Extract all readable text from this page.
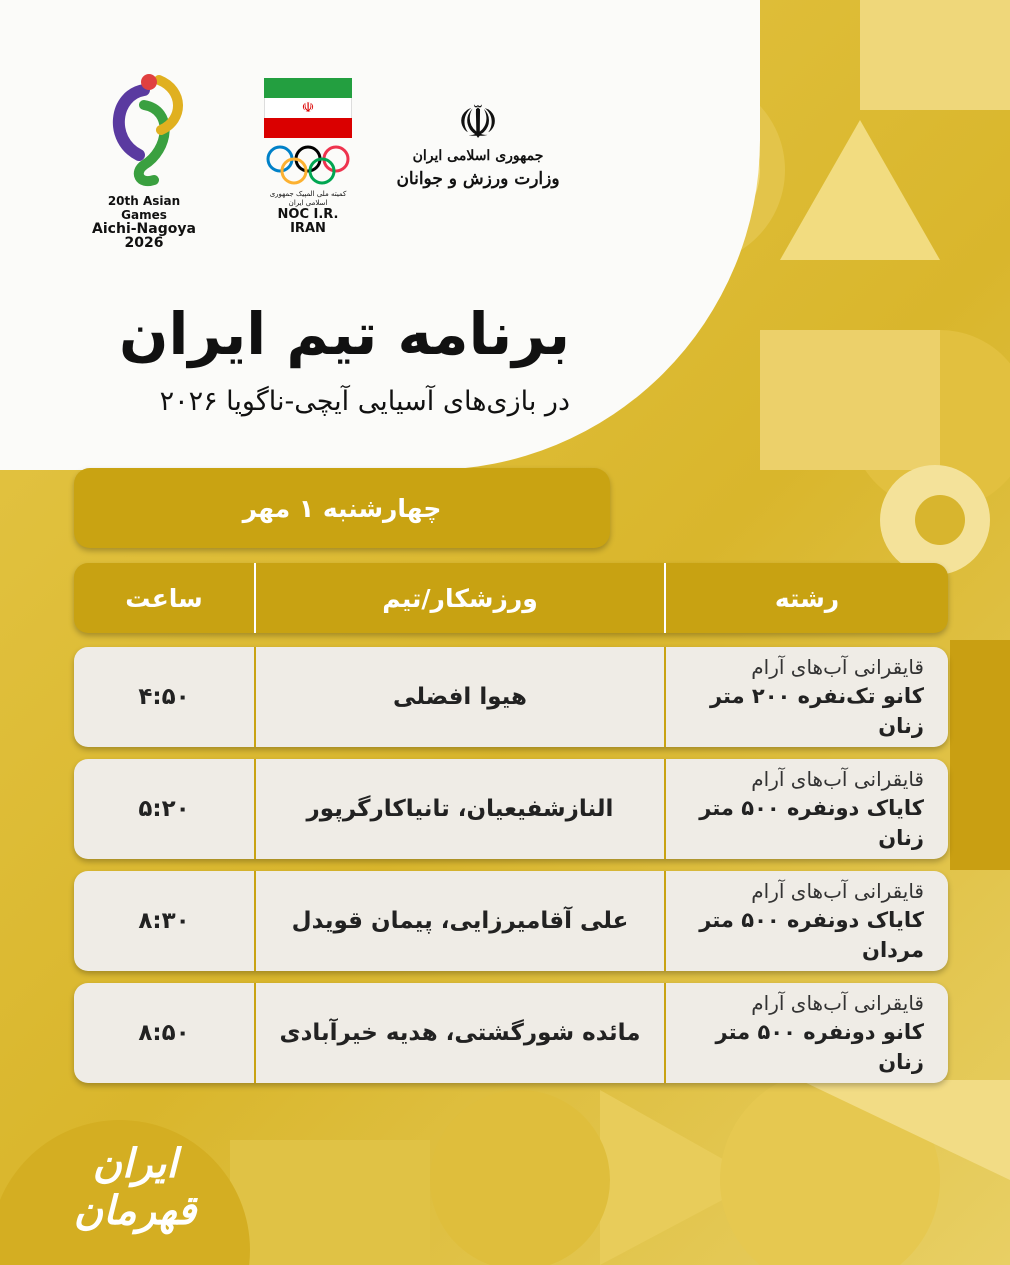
20th Asian Games
Aichi-Nagoya 2026
☫
کمیته ملی المپیک جمهوری اسلامی ایران
NOC I.R. IRAN
☫
جمهوری اسلامی ایران
وزارت ورزش و جوانان
برنامه تیم ایران
در بازی‌های آسیایی آیچی-ناگویا ۲۰۲۶
چهارشنبه ۱ مهر
رشته
ورزشکار/تیم
ساعت
قایقرانی آب‌های آرام
کانو تک‌نفره ۲۰۰ متر زنان
هیوا افضلی
۴:۵۰
قایقرانی آب‌های آرام
کایاک دونفره ۵۰۰ متر زنان
النازشفیعیان، تانیاکارگرپور
۵:۲۰
قایقرانی آب‌های آرام
کایاک دونفره ۵۰۰ متر مردان
علی آقامیرزایی، پیمان قویدل
۸:۳۰
قایقرانی آب‌های آرام
کانو دونفره ۵۰۰ متر زنان
مائده شورگشتی، هدیه خیرآبادی
۸:۵۰
ایران قهرمان
